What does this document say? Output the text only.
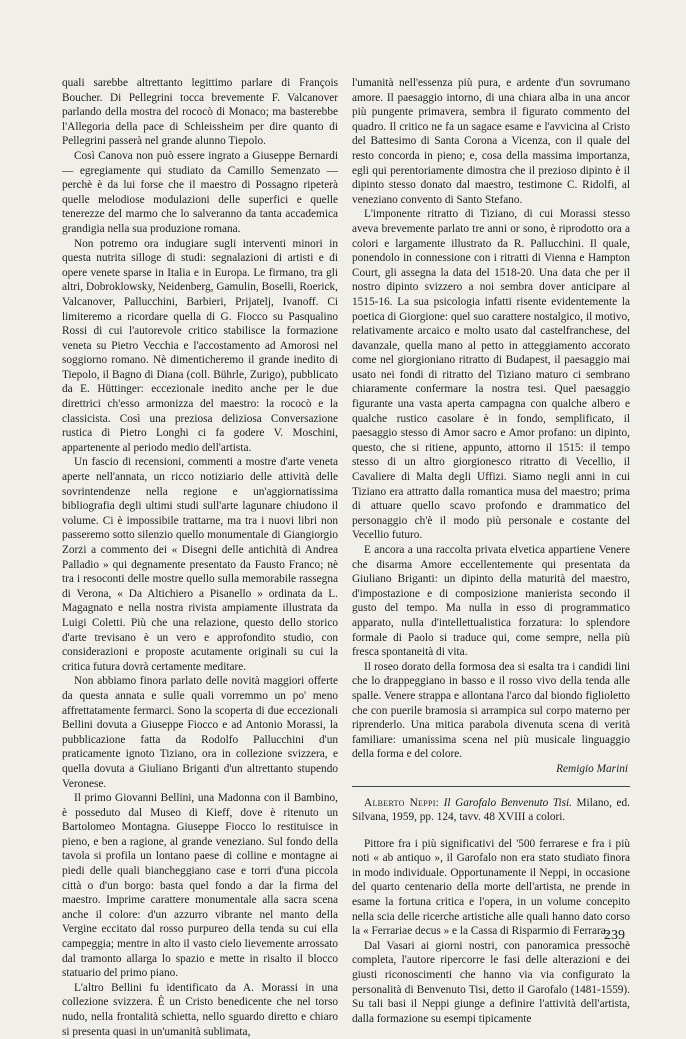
quali sarebbe altrettanto legittimo parlare di François Boucher. Di Pellegrini tocca brevemente F. Valcanover parlando della mostra del rococò di Monaco; ma basterebbe l'Allegoria della pace di Schleissheim per dire quanto di Pellegrini passerà nel grande alunno Tiepolo.

Così Canova non può essere ingrato a Giuseppe Bernardi — egregiamente qui studiato da Camillo Semenzato — perchè è da lui forse che il maestro di Possagno ripeterà quelle melodiose modulazioni delle superfici e quelle tenerezze del marmo che lo salveranno da tanta accademica grandigia nella sua produzione romana.

Non potremo ora indugiare sugli interventi minori in questa nutrita silloge di studi: segnalazioni di artisti e di opere venete sparse in Italia e in Europa. Le firmano, tra gli altri, Dobroklowsky, Neidenberg, Gamulin, Boselli, Roerick, Valcanover, Pallucchini, Barbieri, Prijatelj, Ivanoff. Ci limiteremo a ricordare quella di G. Fiocco su Pasqualino Rossi di cui l'autorevole critico stabilisce la formazione veneta su Pietro Vecchia e l'accostamento ad Amorosi nel soggiorno romano. Nè dimenticheremo il grande inedito di Tiepolo, il Bagno di Diana (coll. Bührle, Zurigo), pubblicato da E. Hüttinger: eccezionale inedito anche per le due direttrici ch'esso armonizza del maestro: la rococò e la classicista. Così una preziosa deliziosa Conversazione rustica di Pietro Longhi ci fa godere V. Moschini, appartenente al periodo medio dell'artista.

Un fascio di recensioni, commenti a mostre d'arte veneta aperte nell'annata, un ricco notiziario delle attività delle sovrintendenze nella regione e un'aggiornatissima bibliografia degli ultimi studi sull'arte lagunare chiudono il volume. Ci è impossibile trattarne, ma tra i nuovi libri non passeremo sotto silenzio quello monumentale di Giangiorgio Zorzi a commento dei « Disegni delle antichità di Andrea Palladio » qui degnamente presentato da Fausto Franco; nè tra i resoconti delle mostre quello sulla memorabile rassegna di Verona, « Da Altichiero a Pisanello » ordinata da L. Magagnato e nella nostra rivista ampiamente illustrata da Luigi Coletti. Più che una relazione, questo dello storico d'arte trevisano è un vero e approfondito studio, con considerazioni e proposte acutamente originali su cui la critica futura dovrà certamente meditare.

Non abbiamo finora parlato delle novità maggiori offerte da questa annata e sulle quali vorremmo un po' meno affrettatamente fermarci. Sono la scoperta di due eccezionali Bellini dovuta a Giuseppe Fiocco e ad Antonio Morassi, la pubblicazione fatta da Rodolfo Pallucchini d'un praticamente ignoto Tiziano, ora in collezione svizzera, e quella dovuta a Giuliano Briganti d'un altrettanto stupendo Veronese.

Il primo Giovanni Bellini, una Madonna con il Bambino, è posseduto dal Museo di Kieff, dove è ritenuto un Bartolomeo Montagna. Giuseppe Fiocco lo restituisce in pieno, e ben a ragione, al grande veneziano. Sul fondo della tavola si profila un lontano paese di colline e montagne ai piedi delle quali biancheggiano case e torri d'una piccola città o d'un borgo: basta quel fondo a dar la firma del maestro. Imprime carattere monumentale alla sacra scena anche il colore: d'un azzurro vibrante nel manto della Vergine eccitato dal rosso purpureo della tenda su cui ella campeggia; mentre in alto il vasto cielo lievemente arrossato dal tramonto allarga lo spazio e mette in risalto il blocco statuario del primo piano.

L'altro Bellini fu identificato da A. Morassi in una collezione svizzera. È un Cristo benedicente che nel torso nudo, nella frontalità schietta, nello sguardo diretto e chiaro si presenta quasi in un'umanità sublimata,

l'umanità nell'essenza più pura, e ardente d'un sovrumano amore. Il paesaggio intorno, di una chiara alba in una ancor più pungente primavera, sembra il figurato commento del quadro. Il critico ne fa un sagace esame e l'avvicina al Cristo del Battesimo di Santa Corona a Vicenza, con il quale del resto concorda in pieno; e, cosa della massima importanza, egli qui perentoriamente dimostra che il prezioso dipinto è il dipinto stesso donato dal maestro, testimone C. Ridolfi, al veneziano convento di Santo Stefano.

L'imponente ritratto di Tiziano, di cui Morassi stesso aveva brevemente parlato tre anni or sono, è riprodotto ora a colori e largamente illustrato da R. Pallucchini. Il quale, ponendolo in connessione con i ritratti di Vienna e Hampton Court, gli assegna la data del 1518-20. Una data che per il nostro dipinto svizzero a noi sembra dover anticipare al 1515-16. La sua psicologia infatti risente evidentemente la poetica di Giorgione: quel suo carattere nostalgico, il motivo, relativamente arcaico e molto usato dal castelfranchese, del davanzale, quella mano al petto in atteggiamento accorato come nel giorgioniano ritratto di Budapest, il paesaggio mai usato nei fondi di ritratto del Tiziano maturo ci sembrano chiaramente confermare la nostra tesi. Quel paesaggio figurante una vasta aperta campagna con qualche albero e qualche rustico casolare è in fondo, semplificato, il paesaggio stesso di Amor sacro e Amor profano: un dipinto, questo, che si ritiene, appunto, attorno il 1515: il tempo stesso di un altro giorgionesco ritratto di Vecellio, il Cavaliere di Malta degli Uffizi. Siamo negli anni in cui Tiziano era attratto dalla romantica musa del maestro; prima di attuare quello scavo profondo e drammatico del personaggio ch'è il modo più personale e costante del Vecellio futuro.

E ancora a una raccolta privata elvetica appartiene Venere che disarma Amore eccellentemente qui presentata da Giuliano Briganti: un dipinto della maturità del maestro, d'impostazione e di composizione manierista secondo il gusto del tempo. Ma nulla in esso di programmatico apparato, nulla d'intellettualistica forzatura: lo splendore formale di Paolo si traduce qui, come sempre, nella più fresca spontaneità di vita.

Il roseo dorato della formosa dea si esalta tra i candidi lini che lo drappeggiano in basso e il rosso vivo della tenda alle spalle. Venere strappa e allontana l'arco dal biondo figlioletto che con puerile bramosia si arrampica sul corpo materno per riprenderlo. Una mitica parabola divenuta scena di verità familiare: umanissima scena nel più musicale linguaggio della forma e del colore.

Remigio Marini

Alberto Neppi: Il Garofalo Benvenuto Tisi. Milano, ed. Silvana, 1959, pp. 124, tavv. 48 XVIII a colori.

Pittore fra i più significativi del '500 ferrarese e fra i più noti « ab antiquo », il Garofalo non era stato studiato finora in modo individuale. Opportunamente il Neppi, in occasione del quarto centenario della morte dell'artista, ne prende in esame la fortuna critica e l'opera, in un volume concepito nella scia delle ricerche artistiche alle quali hanno dato corso la « Ferrariae decus » e la Cassa di Risparmio di Ferrara.

Dal Vasari ai giorni nostri, con panoramica pressochè completa, l'autore ripercorre le fasi delle alterazioni e dei giusti riconoscimenti che hanno via via configurato la personalità di Benvenuto Tisi, detto il Garofalo (1481-1559). Su tali basi il Neppi giunge a definire l'attività dell'artista, dalla formazione su esempi tipicamente

239
